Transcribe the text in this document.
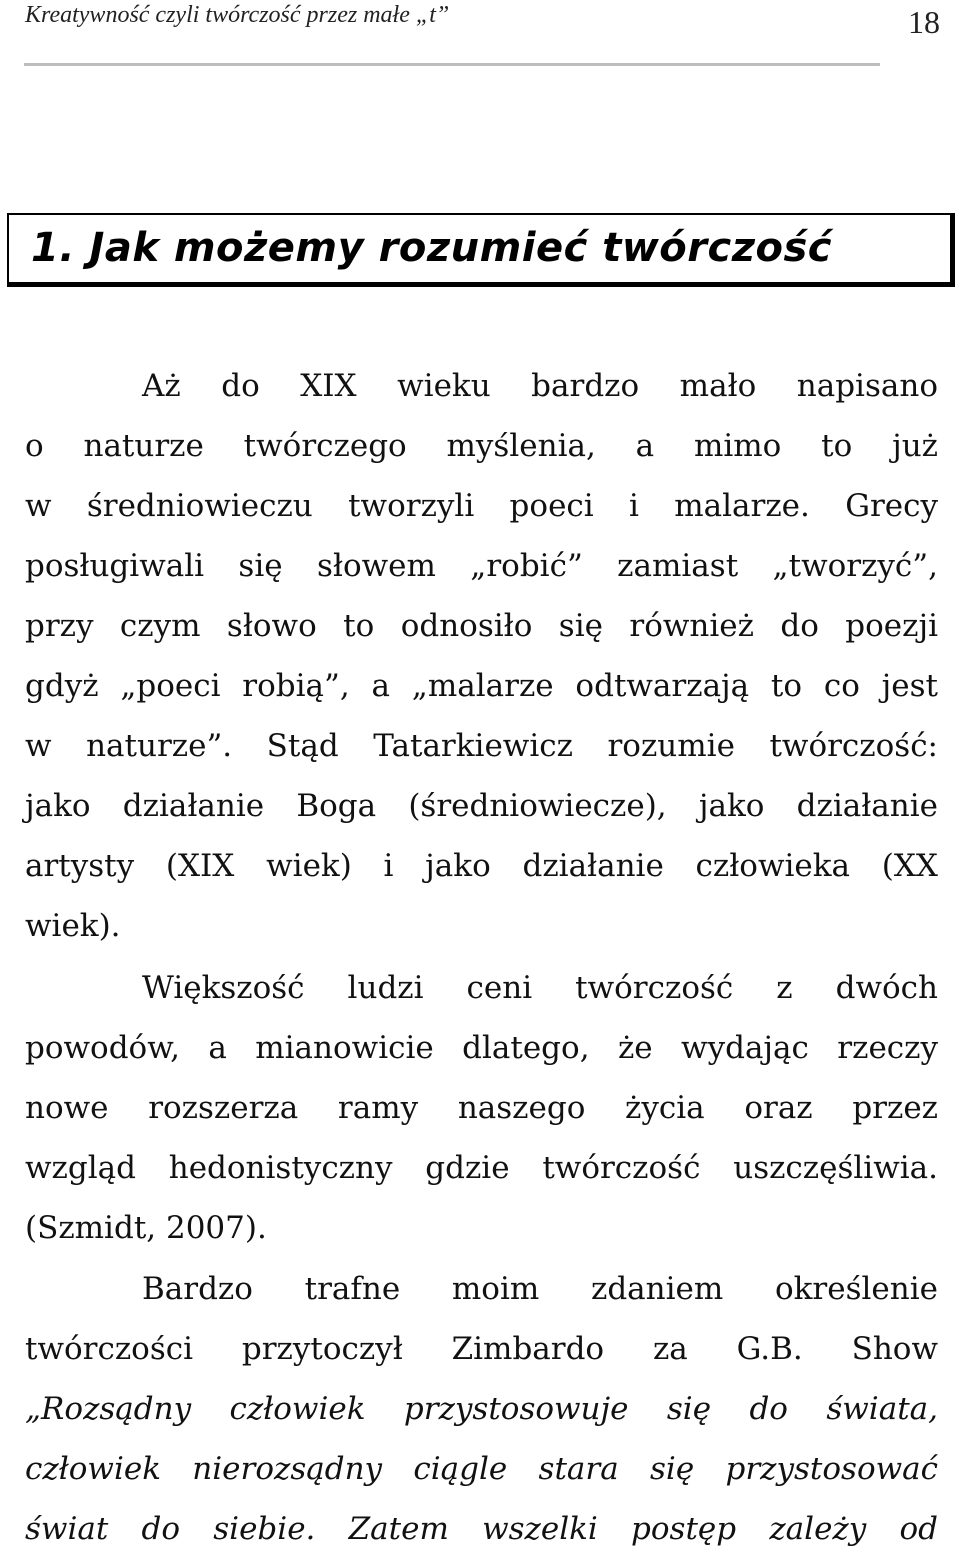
Kreatywność czyli twórczość przez małe „t”	18
1. Jak możemy rozumieć twórczość
Aż do XIX wieku bardzo mało napisano
o naturze twórczego myślenia, a mimo to już
w średniowieczu tworzyli poeci i malarze. Grecy
posługiwali się słowem „robić” zamiast „tworzyć”,
przy czym słowo to odnosiło się również do poezji
gdyż „poeci robią”, a „malarze odtwarzają to co jest
w naturze”. Stąd Tatarkiewicz rozumie twórczość:
jako działanie Boga (średniowiecze), jako działanie
artysty (XIX wiek) i jako działanie człowieka (XX
wiek).
Większość ludzi ceni twórczość z dwóch
powodów, a mianowicie dlatego, że wydając rzeczy
nowe rozszerza ramy naszego życia oraz przez
wzgląd hedonistyczny gdzie twórczość uszczęśliwia.
(Szmidt, 2007).
Bardzo trafne moim zdaniem określenie
twórczości przytoczył Zimbardo za G.B. Show
„Rozsądny człowiek przystosowuje się do świata,
człowiek nierozsądny ciągle stara się przystosować
świat do siebie. Zatem wszelki postęp zależy od
